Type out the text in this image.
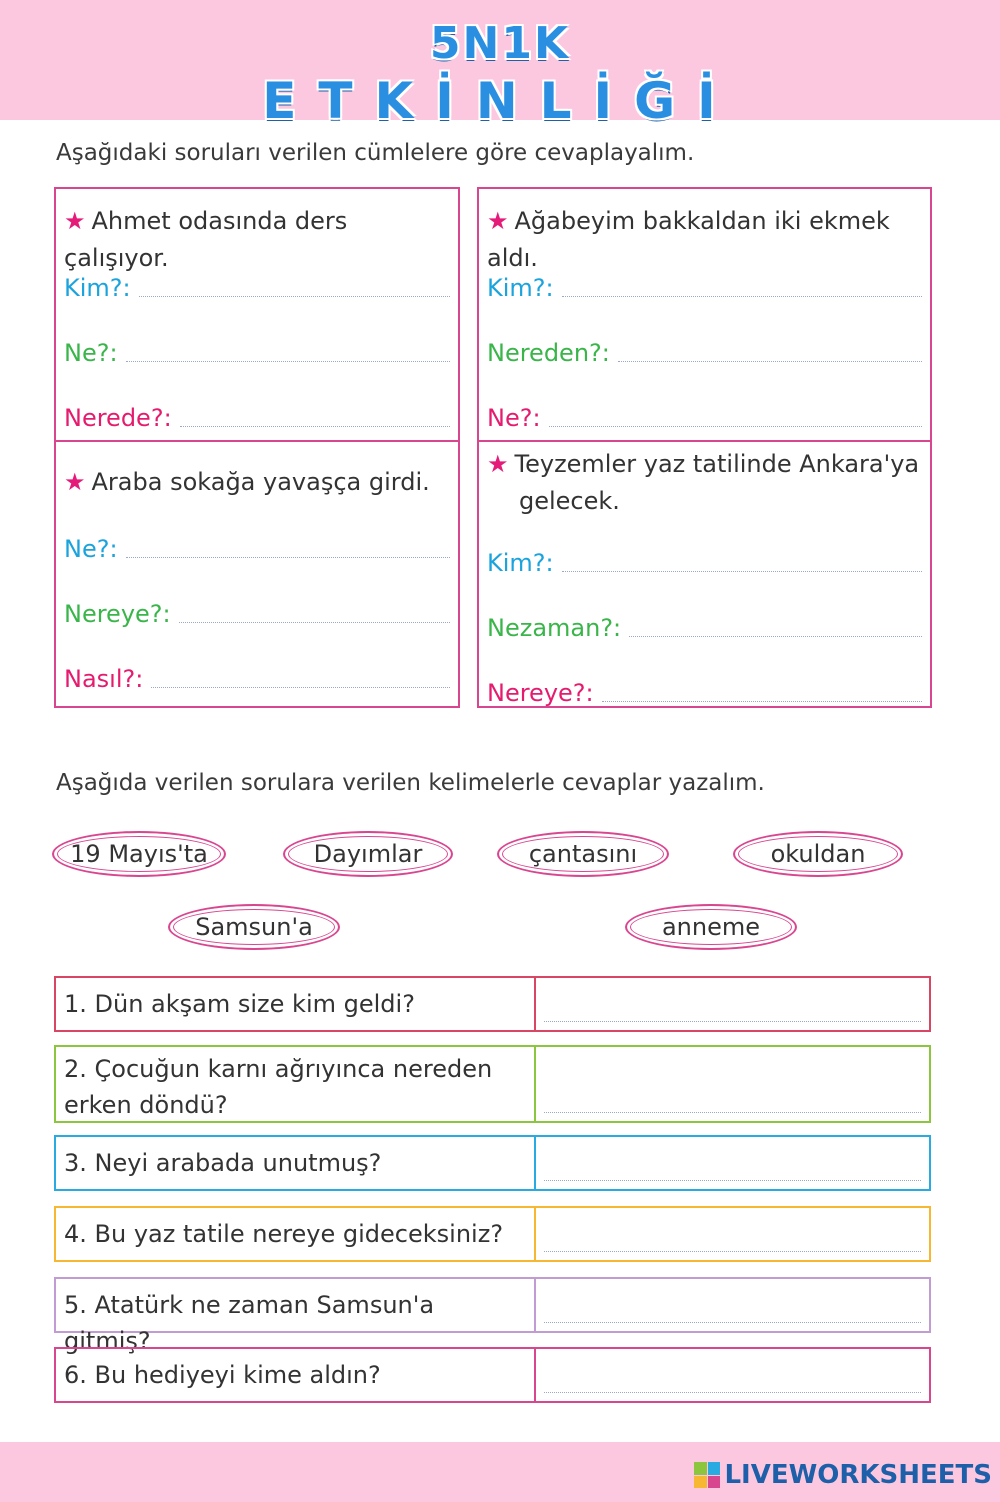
5N1K
ETKİNLİĞİ
Aşağıdaki soruları verilen cümlelere göre cevaplayalım.
★ Ahmet odasında ders çalışıyor.
Kim?:
Ne?:
Nerede?:
★ Ağabeyim bakkaldan iki ekmek aldı.
Kim?:
Nereden?:
Ne?:
★ Araba sokağa yavaşça girdi.
Ne?:
Nereye?:
Nasıl?:
★ Teyzemler yaz tatilinde Ankara'ya gelecek.
Kim?:
Nezaman?:
Nereye?:
Aşağıda verilen sorulara verilen kelimelerle cevaplar yazalım.
19 Mayıs'ta	Dayımlar	çantasını	okuldan
Samsun'a	anneme
1. Dün akşam size kim geldi?
2. Çocuğun karnı ağrıyınca nereden erken döndü?
3. Neyi arabada unutmuş?
4. Bu yaz tatile nereye gideceksiniz?
5. Atatürk ne zaman Samsun'a gitmiş?
6. Bu hediyeyi kime aldın?
LIVEWORKSHEETS
